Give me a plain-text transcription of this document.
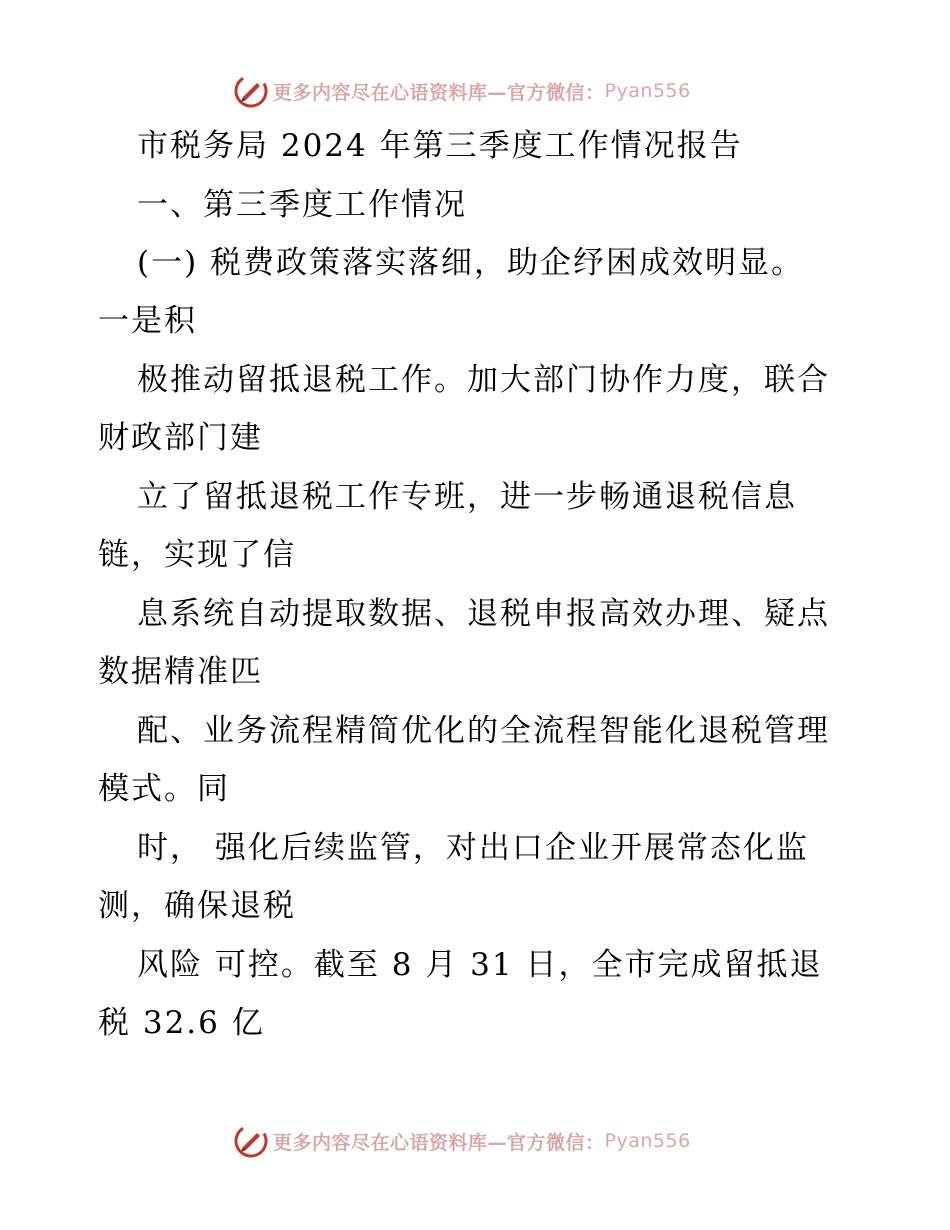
更多内容尽在心语资料库—官方微信： Pyan556
市税务局 2024 年第三季度工作情况报告
一、第三季度工作情况
(一) 税费政策落实落细，助企纾困成效明显。
一是积
极推动留抵退税工作。加大部门协作力度，联合
财政部门建
立了留抵退税工作专班，进一步畅通退税信息
链，实现了信
息系统自动提取数据、退税申报高效办理、疑点
数据精准匹
配、业务流程精简优化的全流程智能化退税管理
模式。同
时， 强化后续监管，对出口企业开展常态化监
测，确保退税
风险 可控。截至 8 月 31 日，全市完成留抵退
税 32.6 亿
更多内容尽在心语资料库—官方微信： Pyan556
